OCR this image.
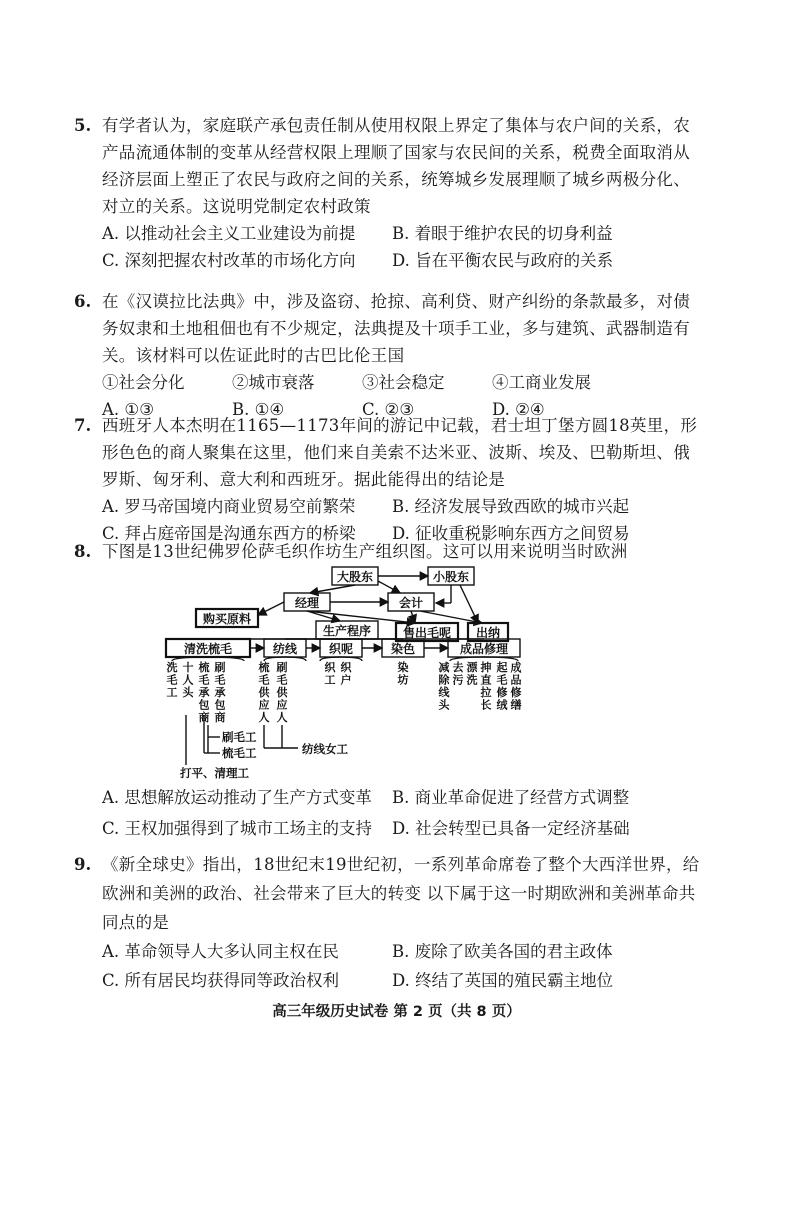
5. 有学者认为，家庭联产承包责任制从使用权限上界定了集体与农户间的关系，农产品流通体制的变革从经营权限上理顺了国家与农民间的关系，税费全面取消从经济层面上塑正了农民与政府之间的关系，统筹城乡发展理顺了城乡两极分化、对立的关系。这说明党制定农村政策
A. 以推动社会主义工业建设为前提	B. 着眼于维护农民的切身利益
C. 深刻把握农村改革的市场化方向	D. 旨在平衡农民与政府的关系
6. 在《汉谟拉比法典》中，涉及盗窃、抢掠、高利贷、财产纠纷的条款最多，对债务奴隶和土地租佃也有不少规定，法典提及十项手工业，多与建筑、武器制造有关。该材料可以佐证此时的古巴比伦王国
①社会分化	②城市衰落	③社会稳定	④工商业发展
A. ①③	B. ①④	C. ②③	D. ②④
7. 西班牙人本杰明在1165—1173年间的游记中记载，君士坦丁堡方圆18英里，形形色色的商人聚集在这里，他们来自美索不达米亚、波斯、埃及、巴勒斯坦、俄罗斯、匈牙利、意大利和西班牙。据此能得出的结论是
A. 罗马帝国境内商业贸易空前繁荣	B. 经济发展导致西欧的城市兴起
C. 拜占庭帝国是沟通东西方的桥梁	D. 征收重税影响东西方之间贸易
8. 下图是13世纪佛罗伦萨毛织作坊生产组织图。这可以用来说明当时欧洲
大股东	小股东
经理	会计
购买原料
生产程序	售出毛呢 出纳
清洗梳毛	纺线	织呢	染色	成品修理
洗毛工
十人头
梳毛承包商
刷毛承包商
梳毛供应人
刷毛供应人
织工
织户
染坊
减除线头
去污
漂洗
抻直拉长
起毛修绒
成品修缮
刷毛工
梳毛工	纺线女工
打平、清理工
A. 思想解放运动推动了生产方式变革	B. 商业革命促进了经营方式调整
C. 王权加强得到了城市工场主的支持	D. 社会转型已具备一定经济基础
9. 《新全球史》指出，18世纪末19世纪初，一系列革命席卷了整个大西洋世界，给欧洲和美洲的政治、社会带来了巨大的转变 以下属于这一时期欧洲和美洲革命共同点的是
A. 革命领导人大多认同主权在民	B. 废除了欧美各国的君主政体
C. 所有居民均获得同等政治权利	D. 终结了英国的殖民霸主地位
高三年级历史试卷 第 2 页（共 8 页）
